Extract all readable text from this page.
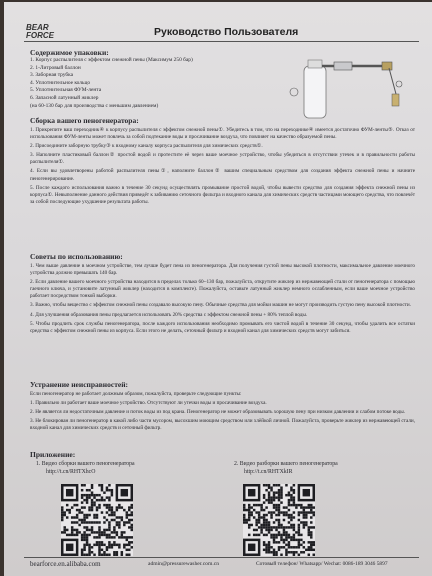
BEAR
FORCE	Руководство Пользователя

Содержимое упаковки:

1. Корпус распылителя с эффектом снежной пены (Максимум 250 бар)
2. 1-Литровый баллон
3. Заборная трубка
4. Уплотнительное кольцо
5. Уплотнительная ФУМ-лента
6. Запасной латунный жиклер
(на 60-130 бар для производства с меньшим давлением)

Сборка вашего пеногенератора:

1. Прикрепите ваш переходник④ к корпусу распылителя с эффектом снежной пены①. Убедитесь в том, что на переходнике④ имеется достаточно ФУМ-ленты⑤. Отказ от использования ФУМ-ленты может повлечь за собой подтекание воды и просачивание воздуха, что повлияет на качество образуемой пены.

2. Присоедините заборную трубку③ к входному каналу корпуса распылителя для химических средств①.

3. Наполните пластиковый баллон② простой водой и протестите её через ваше моечное устройство, чтобы убедиться в отсутствии утечек и в правильности работы распылителя①.

4. Если вы удовлетворены работой распылителя пены①, наполните баллон② вашим специальным средством для создания эффекта снежной пены и начните пеногенерирование.

5. После каждого использования важно в течение 30 секунд осуществлять промывание простой водой, чтобы вывести средство для создания эффекта снежной пены из корпуса①. Невыполнение данного действия приведёт к забиванию сеточного фильтра и входного канала для химических средств частицами моющего средства, что повлечёт за собой последующие ухудшение результата работы.

Советы по использованию:

1. Чем выше давление в моечном устройстве, тем лучше будет пена из пеногенератора. Для получения густой пены высокой плотности, максимальное давление моечного устройства должно превышать 140 бар.

2. Если давление вашего моечного устройства находится в пределах только 60~130 бар, пожалуйста, открутите жиклер из нержавеющей стали от пеногенератора с помощью гаечного ключа, и установите латунный жиклер (находится в комплекте). Пожалуйста, оставьте латунный жиклер немного ослабленным, если ваше моечное устройство работает посредством тонкой выборки.

3. Важно, чтобы вещество с эффектом снежной пены создавало высокую пену. Обычные средства для мойки машин не могут производить густую пену высокой плотности.

4. Для улучшения образования пены предлагается использовать 20% средства с эффектом снежной пены + 80% теплой воды.

5. Чтобы продлить срок службы пеногенератора, после каждого использования необходимо промывать его чистой водой в течение 30 секунд, чтобы удалить все остатки средства с эффектом снежной пены из корпуса. Если этого не делать, сеточный фильтр и входной канал для химических средств могут забиться.

Устранение неисправностей:

Если пеногенератор не работает должным образом, пожалуйста, проверьте следующие пункты:

1. Правильно ли работает ваше моечное устройство. Отсутствуют ли утечки воды и просачивание воздуха.

2. Не является ли недостаточным давление и поток воды из под крана. Пеногенератор не может образовывать хорошую пену при низком давлении и слабом потоке воды.

3. Не блокирован ли пеногенератор в какой либо части мусором, высохшим моющим средством или хлёйкой личной. Пожалуйста, проверьте жиклер из нержавеющей стали, входной канал для химических средств и сеточный фильтр.

Приложение:

1. Видео сборки вашего пеногенератора
http://t.cn/RHTXhcO
2. Видео разборки вашего пеногенератора
http://t.cn/RHTXkIR
bearforce.en.alibaba.com	admin@pressurewasher.com.cn	Сотовый телефон/ Whatsapp/ Wechat: 0086-189 3046 5897
